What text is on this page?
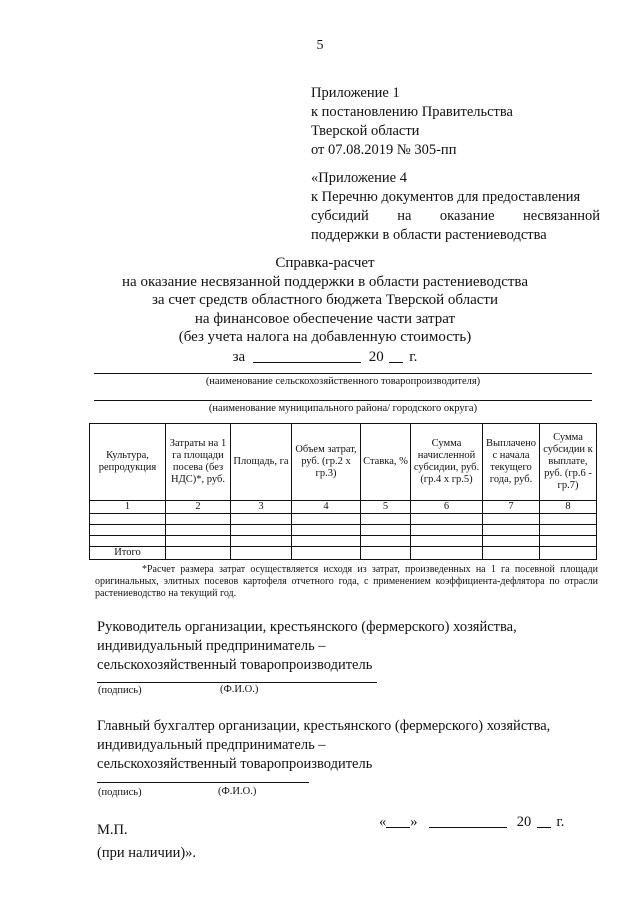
5
Приложение 1
к постановлению Правительства
Тверской области
от 07.08.2019 № 305-пп
«Приложение 4
к Перечню документов для предоставления
субсидий на оказание несвязанной
поддержки в области растениеводства
Справка-расчет
на оказание несвязанной поддержки в области растениеводства
за счет средств областного бюджета Тверской области
на финансовое обеспечение части затрат
(без учета налога на добавленную стоимость)
за	20 г.
(наименование сельскохозяйственного товаропроизводителя)
(наименование муниципального района/ городского округа)
Культура, репродукция	Затраты на 1 га площади посева (без НДС)*, руб.	Площадь, га	Объем затрат, руб. (гр.2 x гр.3)	Ставка, %	Сумма начисленной субсидии, руб. (гр.4 x гр.5)	Выплачено с начала текущего года, руб.	Сумма субсидии к выплате, руб. (гр.6 - гр.7)
1	2	3	4	5	6	7	8

Итого							
*Расчет размера затрат осуществляется исходя из затрат, произведенных на 1 га посевной площади оригинальных, элитных посевов картофеля отчетного года, с применением коэффициента-дефлятора по отрасли растениеводство на текущий год.
Руководитель организации, крестьянского (фермерского) хозяйства,
индивидуальный предприниматель –
сельскохозяйственный товаропроизводитель
(подпись)	(Ф.И.О.)
Главный бухгалтер организации, крестьянского (фермерского) хозяйства,
индивидуальный предприниматель –
сельскохозяйственный товаропроизводитель
(подпись)	(Ф.И.О.)
М.П.
(при наличии)».
« »	20 г.
